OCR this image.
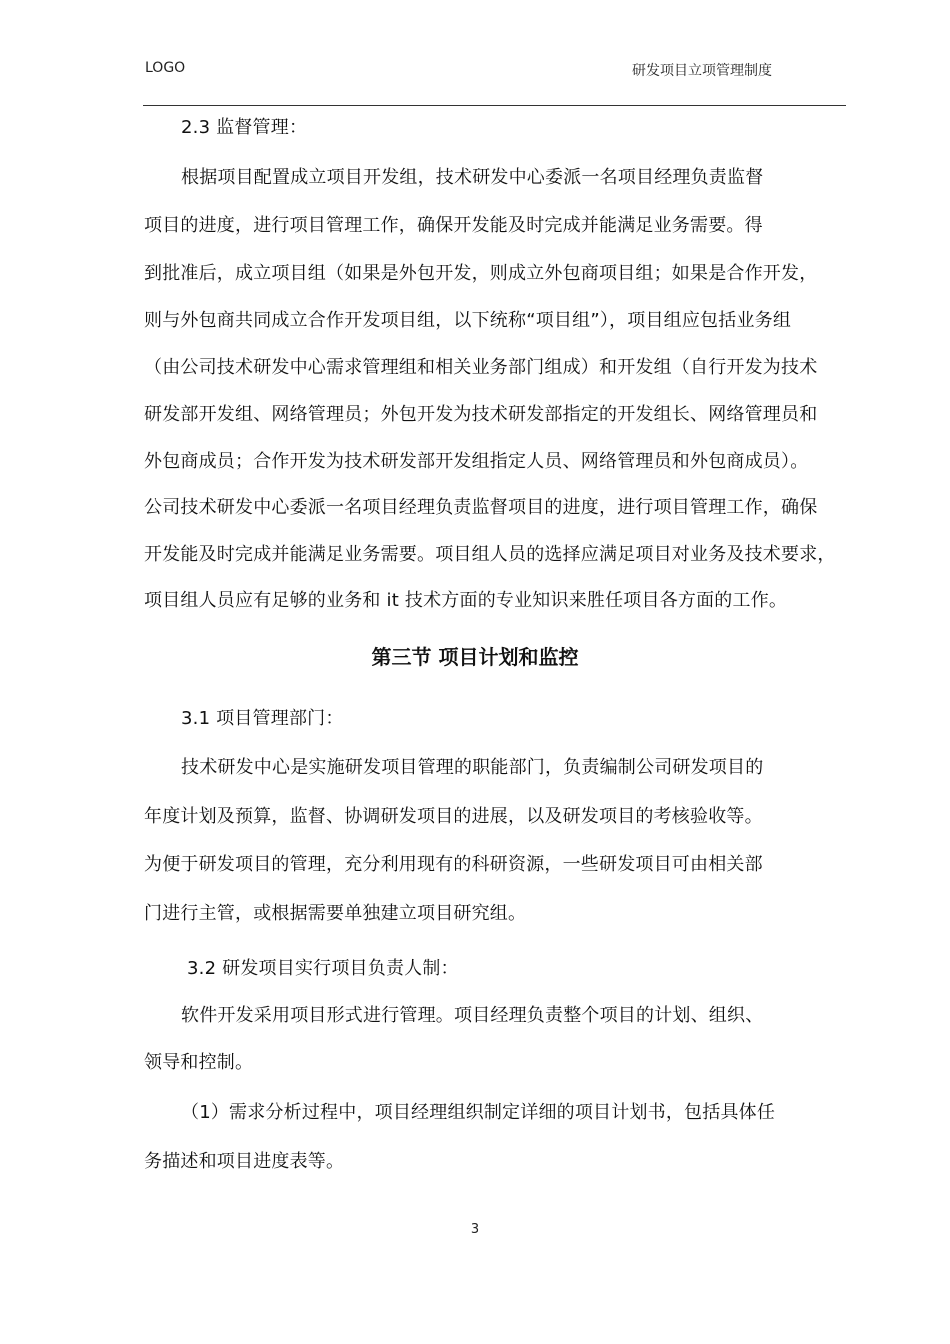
LOGO	研发项目立项管理制度
2.3 监督管理：
根据项目配置成立项目开发组，技术研发中心委派一名项目经理负责监督
项目的进度，进行项目管理工作，确保开发能及时完成并能满足业务需要。得
到批准后，成立项目组（如果是外包开发，则成立外包商项目组；如果是合作开发，
则与外包商共同成立合作开发项目组，以下统称“项目组”），项目组应包括业务组
（由公司技术研发中心需求管理组和相关业务部门组成）和开发组（自行开发为技术
研发部开发组、网络管理员；外包开发为技术研发部指定的开发组长、网络管理员和
外包商成员；合作开发为技术研发部开发组指定人员、网络管理员和外包商成员）。
公司技术研发中心委派一名项目经理负责监督项目的进度，进行项目管理工作，确保
开发能及时完成并能满足业务需要。项目组人员的选择应满足项目对业务及技术要求，
项目组人员应有足够的业务和 it 技术方面的专业知识来胜任项目各方面的工作。
第三节 项目计划和监控
3.1 项目管理部门：
技术研发中心是实施研发项目管理的职能部门，负责编制公司研发项目的
年度计划及预算，监督、协调研发项目的进展，以及研发项目的考核验收等。
为便于研发项目的管理，充分利用现有的科研资源，一些研发项目可由相关部
门进行主管，或根据需要单独建立项目研究组。
3.2 研发项目实行项目负责人制：
软件开发采用项目形式进行管理。项目经理负责整个项目的计划、组织、
领导和控制。
（1）需求分析过程中，项目经理组织制定详细的项目计划书，包括具体任
务描述和项目进度表等。
3
